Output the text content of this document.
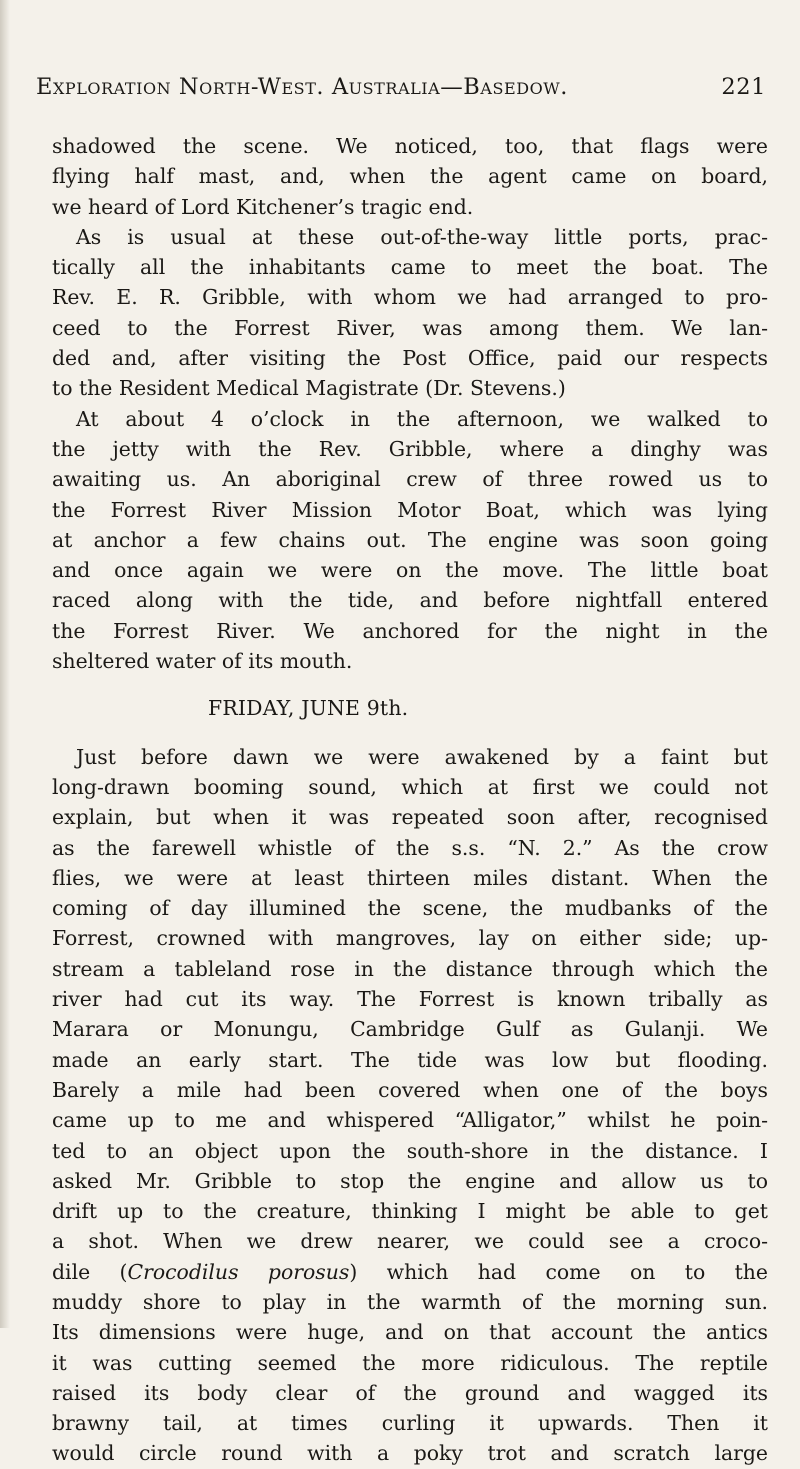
Exploration North-West. Australia—Basedow.	221
shadowed the scene. We noticed, too, that flags were
flying half mast, and, when the agent came on board,
we heard of Lord Kitchener’s tragic end.
As is usual at these out-of-the-way little ports, prac-
tically all the inhabitants came to meet the boat. The
Rev. E. R. Gribble, with whom we had arranged to pro-
ceed to the Forrest River, was among them. We lan-
ded and, after visiting the Post Office, paid our respects
to the Resident Medical Magistrate (Dr. Stevens.)
At about 4 o’clock in the afternoon, we walked to
the jetty with the Rev. Gribble, where a dinghy was
awaiting us. An aboriginal crew of three rowed us to
the Forrest River Mission Motor Boat, which was lying
at anchor a few chains out. The engine was soon going
and once again we were on the move. The little boat
raced along with the tide, and before nightfall entered
the Forrest River. We anchored for the night in the
sheltered water of its mouth.
FRIDAY, JUNE 9th.
Just before dawn we were awakened by a faint but
long-drawn booming sound, which at first we could not
explain, but when it was repeated soon after, recognised
as the farewell whistle of the s.s. “N. 2.” As the crow
flies, we were at least thirteen miles distant. When the
coming of day illumined the scene, the mudbanks of the
Forrest, crowned with mangroves, lay on either side; up-
stream a tableland rose in the distance through which the
river had cut its way. The Forrest is known tribally as
Marara or Monungu, Cambridge Gulf as Gulanji. We
made an early start. The tide was low but flooding.
Barely a mile had been covered when one of the boys
came up to me and whispered “Alligator,” whilst he poin-
ted to an object upon the south-shore in the distance. I
asked Mr. Gribble to stop the engine and allow us to
drift up to the creature, thinking I might be able to get
a shot. When we drew nearer, we could see a croco-
dile (Crocodilus porosus) which had come on to the
muddy shore to play in the warmth of the morning sun.
Its dimensions were huge, and on that account the antics
it was cutting seemed the more ridiculous. The reptile
raised its body clear of the ground and wagged its
brawny tail, at times curling it upwards. Then it
would circle round with a poky trot and scratch large
